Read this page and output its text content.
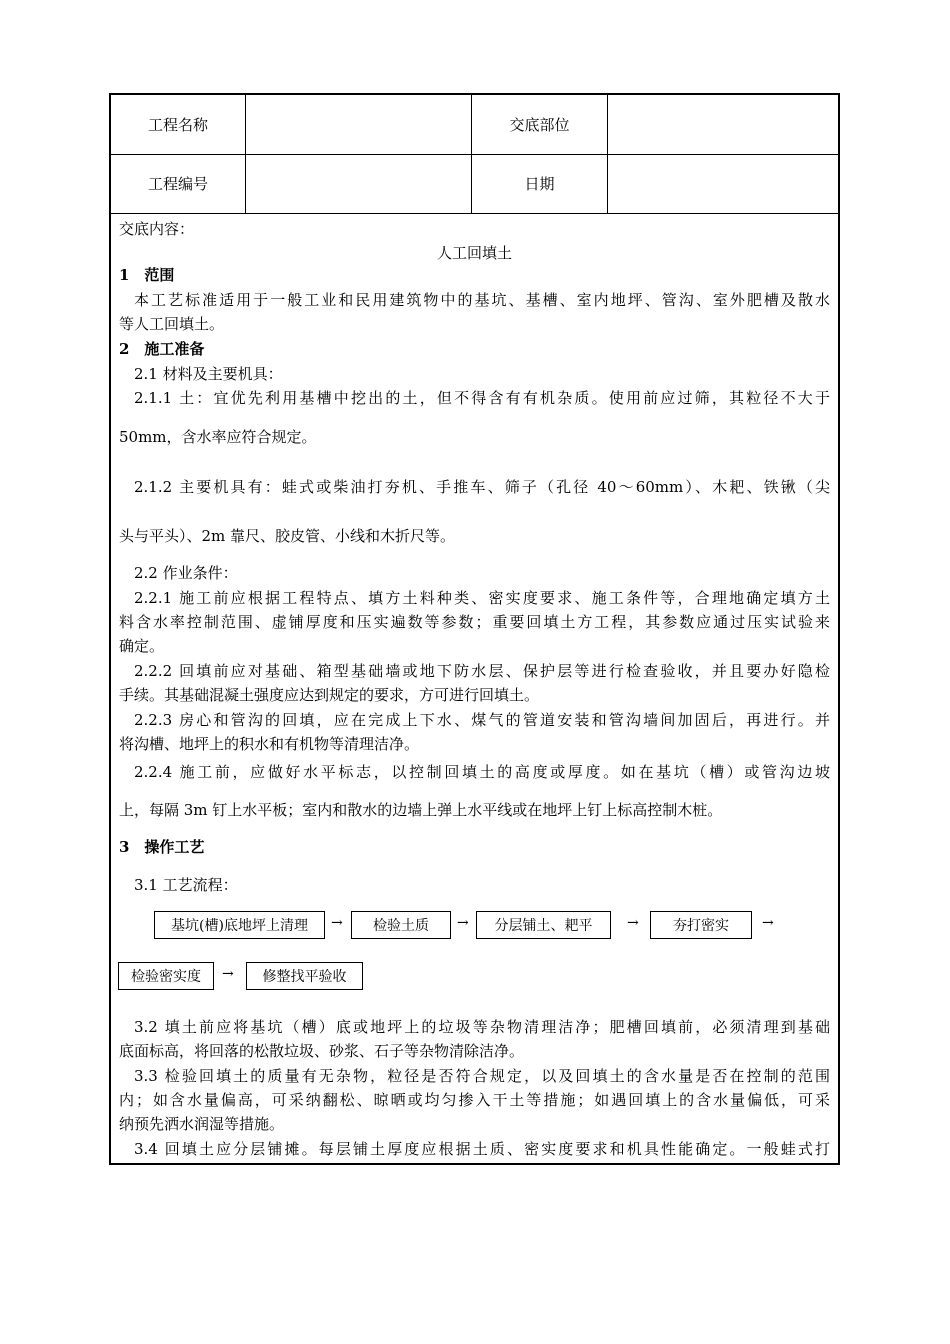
工程名称	交底部位
工程编号	日期
交底内容：
人工回填土
1　范围
本工艺标准适用于一般工业和民用建筑物中的基坑、基槽、室内地坪、管沟、室外肥槽及散水
等人工回填土。
2　施工准备
2.1 材料及主要机具：
2.1.1 土：宜优先利用基槽中挖出的土，但不得含有有机杂质。使用前应过筛，其粒径不大于
50mm，含水率应符合规定。
2.1.2 主要机具有：蛙式或柴油打夯机、手推车、筛子（孔径 40～60mm）、木耙、铁锹（尖
头与平头）、2m 靠尺、胶皮管、小线和木折尺等。
2.2 作业条件：
2.2.1 施工前应根据工程特点、填方土料种类、密实度要求、施工条件等，合理地确定填方土
料含水率控制范围、虚铺厚度和压实遍数等参数；重要回填土方工程，其参数应通过压实试验来
确定。
2.2.2 回填前应对基础、箱型基础墙或地下防水层、保护层等进行检查验收，并且要办好隐检
手续。其基础混凝土强度应达到规定的要求，方可进行回填土。
2.2.3 房心和管沟的回填，应在完成上下水、煤气的管道安装和管沟墙间加固后，再进行。并
将沟槽、地坪上的积水和有机物等清理洁净。
2.2.4 施工前，应做好水平标志，以控制回填土的高度或厚度。如在基坑（槽）或管沟边坡
上，每隔 3m 钉上水平板；室内和散水的边墙上弹上水平线或在地坪上钉上标高控制木桩。
3　操作工艺
3.1 工艺流程：
基坑(槽)底地坪上清理	→	检验土质	→	分层铺土、耙平	→	夯打密实	→
检验密实度	→	修整找平验收
3.2 填土前应将基坑（槽）底或地坪上的垃圾等杂物清理洁净；肥槽回填前，必须清理到基础
底面标高，将回落的松散垃圾、砂浆、石子等杂物清除洁净。
3.3 检验回填土的质量有无杂物，粒径是否符合规定，以及回填土的含水量是否在控制的范围
内；如含水量偏高，可采纳翻松、晾晒或均匀掺入干土等措施；如遇回填上的含水量偏低，可采
纳预先洒水润湿等措施。
3.4 回填土应分层铺摊。每层铺土厚度应根据土质、密实度要求和机具性能确定。一般蛙式打
